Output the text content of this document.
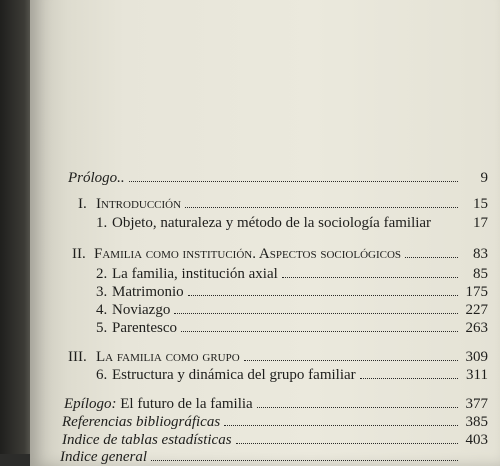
Prólogo..	9
I. Introducción	15
1. Objeto, naturaleza y método de la sociología familiar	17
II. Familia como institución. Aspectos sociológicos	83
2. La familia, institución axial	85
3. Matrimonio	175
4. Noviazgo	227
5. Parentesco	263
III. La familia como grupo	309
6. Estructura y dinámica del grupo familiar	311
Epílogo: El futuro de la familia	377
Referencias bibliográficas	385
Indice de tablas estadísticas	403
Indice general
